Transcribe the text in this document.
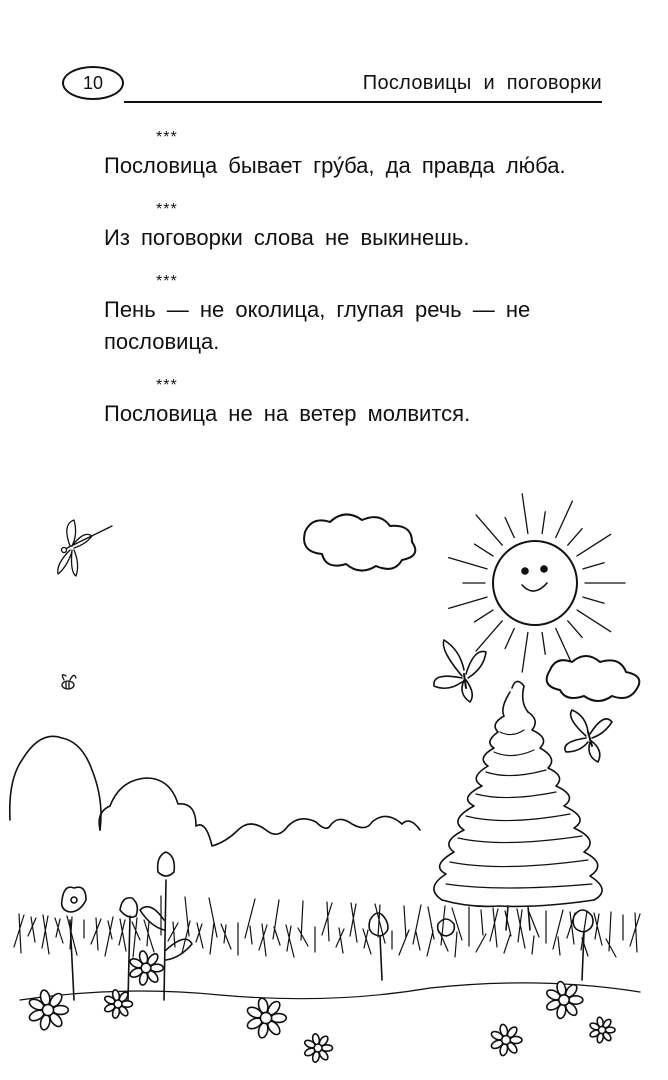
10	Пословицы и поговорки
***
Пословица бывает гру́ба, да правда лю́ба.
***
Из поговорки слова не выкинешь.
***
Пень — не околица, глупая речь — не пословица.
***
Пословица не на ветер молвится.
